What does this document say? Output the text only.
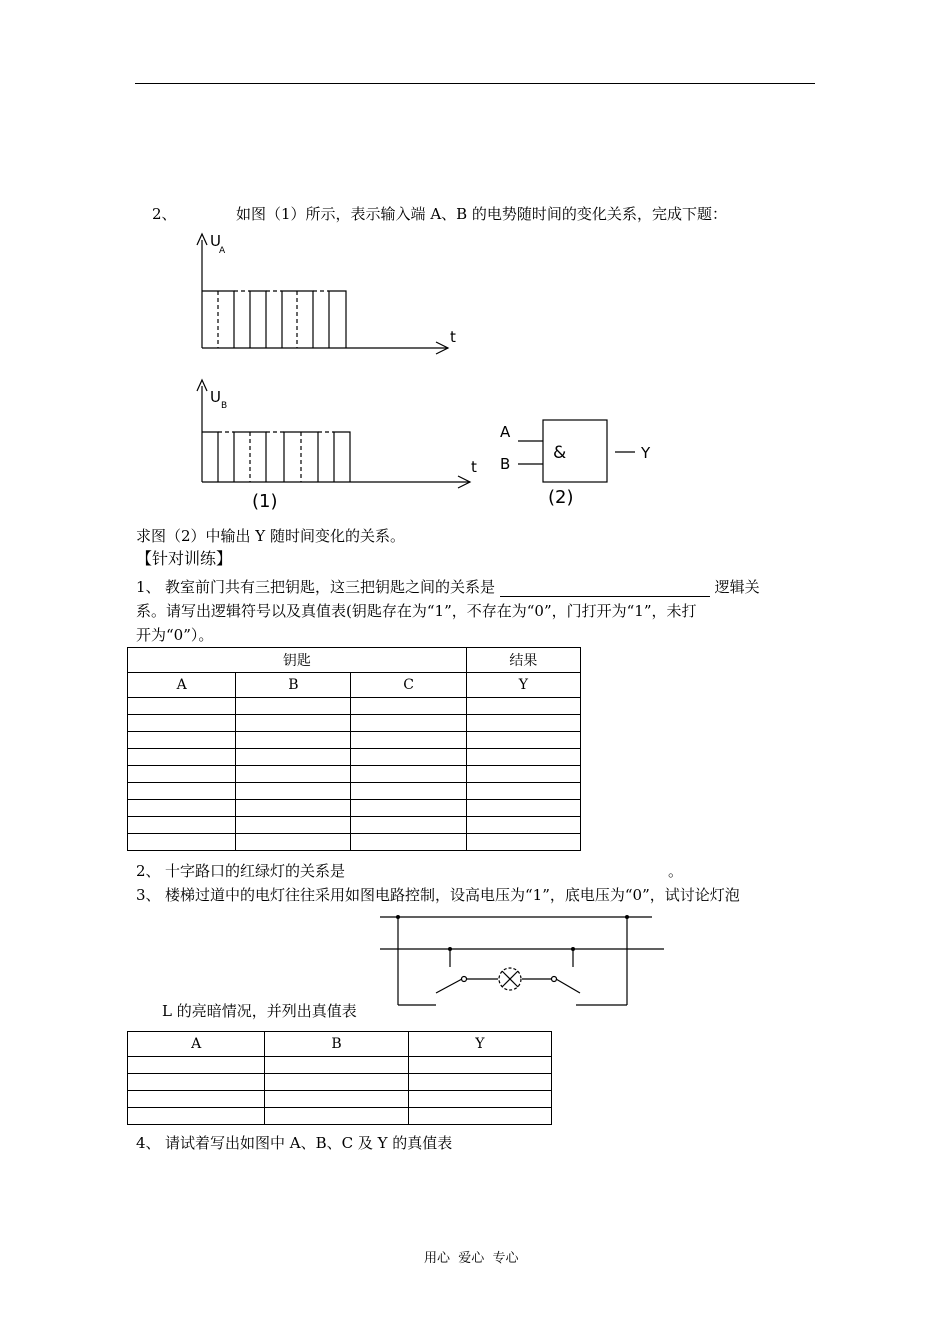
2、	如图（1）所示，表示输入端 A、B 的电势随时间的变化关系，完成下题：
U
A
t
U B
t
(1)	(2)
A
B
&	Y
求图（2）中输出 Y 随时间变化的关系。
【针对训练】
1、 教室前门共有三把钥匙，这三把钥匙之间的关系是	逻辑关
系。请写出逻辑符号以及真值表(钥匙存在为“1”，不存在为“0”，门打开为“1”，未打
开为“0”）。
钥匙			结果
A	B	C	Y

2、 十字路口的红绿灯的关系是	。
3、 楼梯过道中的电灯往往采用如图电路控制，设高电压为“1”，底电压为“0”，试讨论灯泡
L 的亮暗情况，并列出真值表
A	B	Y

4、 请试着写出如图中 A、B、C 及 Y 的真值表
用心  爱心  专心
